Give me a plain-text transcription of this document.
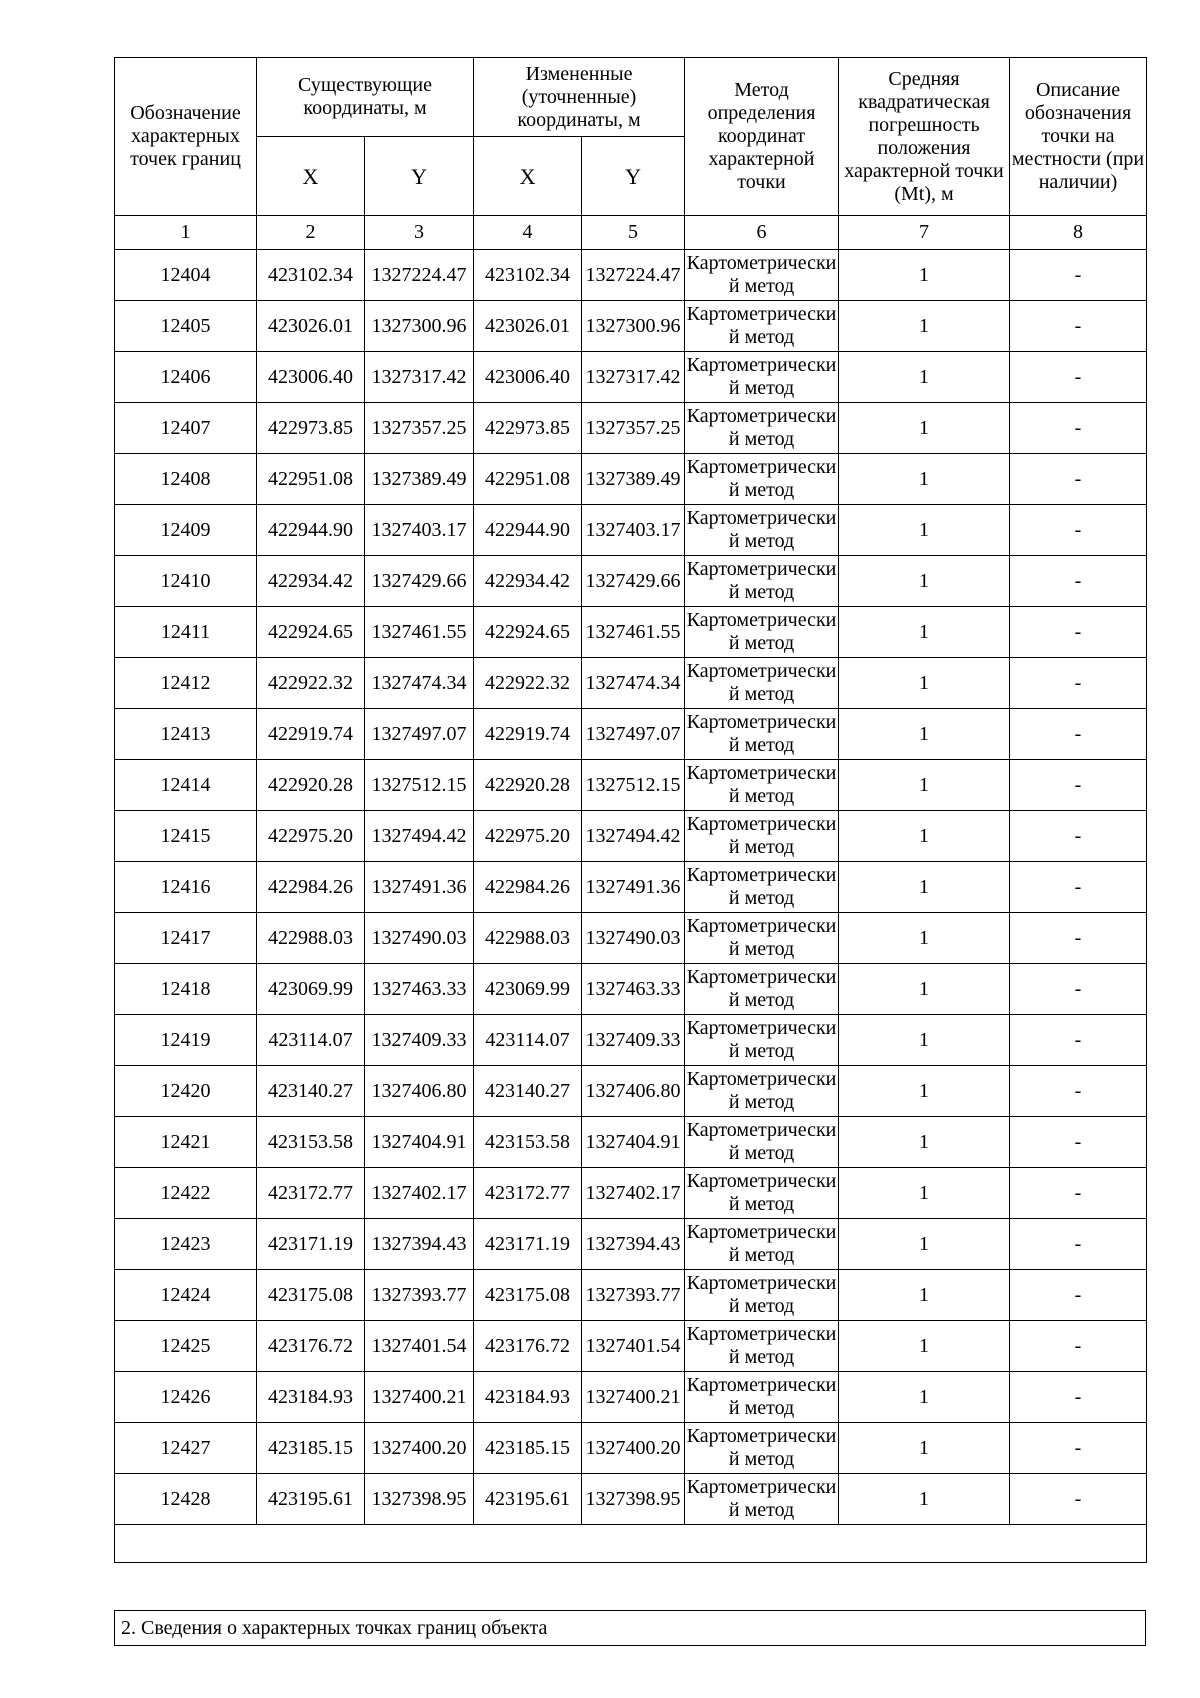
Обозначение характерных точек границ	Существующие координаты, м		Измененные (уточненные) координаты, м		Метод определения координат характерной точки	Средняя квадратическая погрешность положения характерной точки (Mt), м	Описание обозначения точки на местности (при наличии)
	X	Y	X	Y			
1	2	3	4	5	6	7	8
12404	423102.34	1327224.47	423102.34	1327224.47	Картометрический метод	1	-
12405	423026.01	1327300.96	423026.01	1327300.96	Картометрический метод	1	-
12406	423006.40	1327317.42	423006.40	1327317.42	Картометрический метод	1	-
12407	422973.85	1327357.25	422973.85	1327357.25	Картометрический метод	1	-
12408	422951.08	1327389.49	422951.08	1327389.49	Картометрический метод	1	-
12409	422944.90	1327403.17	422944.90	1327403.17	Картометрический метод	1	-
12410	422934.42	1327429.66	422934.42	1327429.66	Картометрический метод	1	-
12411	422924.65	1327461.55	422924.65	1327461.55	Картометрический метод	1	-
12412	422922.32	1327474.34	422922.32	1327474.34	Картометрический метод	1	-
12413	422919.74	1327497.07	422919.74	1327497.07	Картометрический метод	1	-
12414	422920.28	1327512.15	422920.28	1327512.15	Картометрический метод	1	-
12415	422975.20	1327494.42	422975.20	1327494.42	Картометрический метод	1	-
12416	422984.26	1327491.36	422984.26	1327491.36	Картометрический метод	1	-
12417	422988.03	1327490.03	422988.03	1327490.03	Картометрический метод	1	-
12418	423069.99	1327463.33	423069.99	1327463.33	Картометрический метод	1	-
12419	423114.07	1327409.33	423114.07	1327409.33	Картометрический метод	1	-
12420	423140.27	1327406.80	423140.27	1327406.80	Картометрический метод	1	-
12421	423153.58	1327404.91	423153.58	1327404.91	Картометрический метод	1	-
12422	423172.77	1327402.17	423172.77	1327402.17	Картометрический метод	1	-
12423	423171.19	1327394.43	423171.19	1327394.43	Картометрический метод	1	-
12424	423175.08	1327393.77	423175.08	1327393.77	Картометрический метод	1	-
12425	423176.72	1327401.54	423176.72	1327401.54	Картометрический метод	1	-
12426	423184.93	1327400.21	423184.93	1327400.21	Картометрический метод	1	-
12427	423185.15	1327400.20	423185.15	1327400.20	Картометрический метод	1	-
12428	423195.61	1327398.95	423195.61	1327398.95	Картометрический метод	1	-

2. Сведения о характерных точках границ объекта
